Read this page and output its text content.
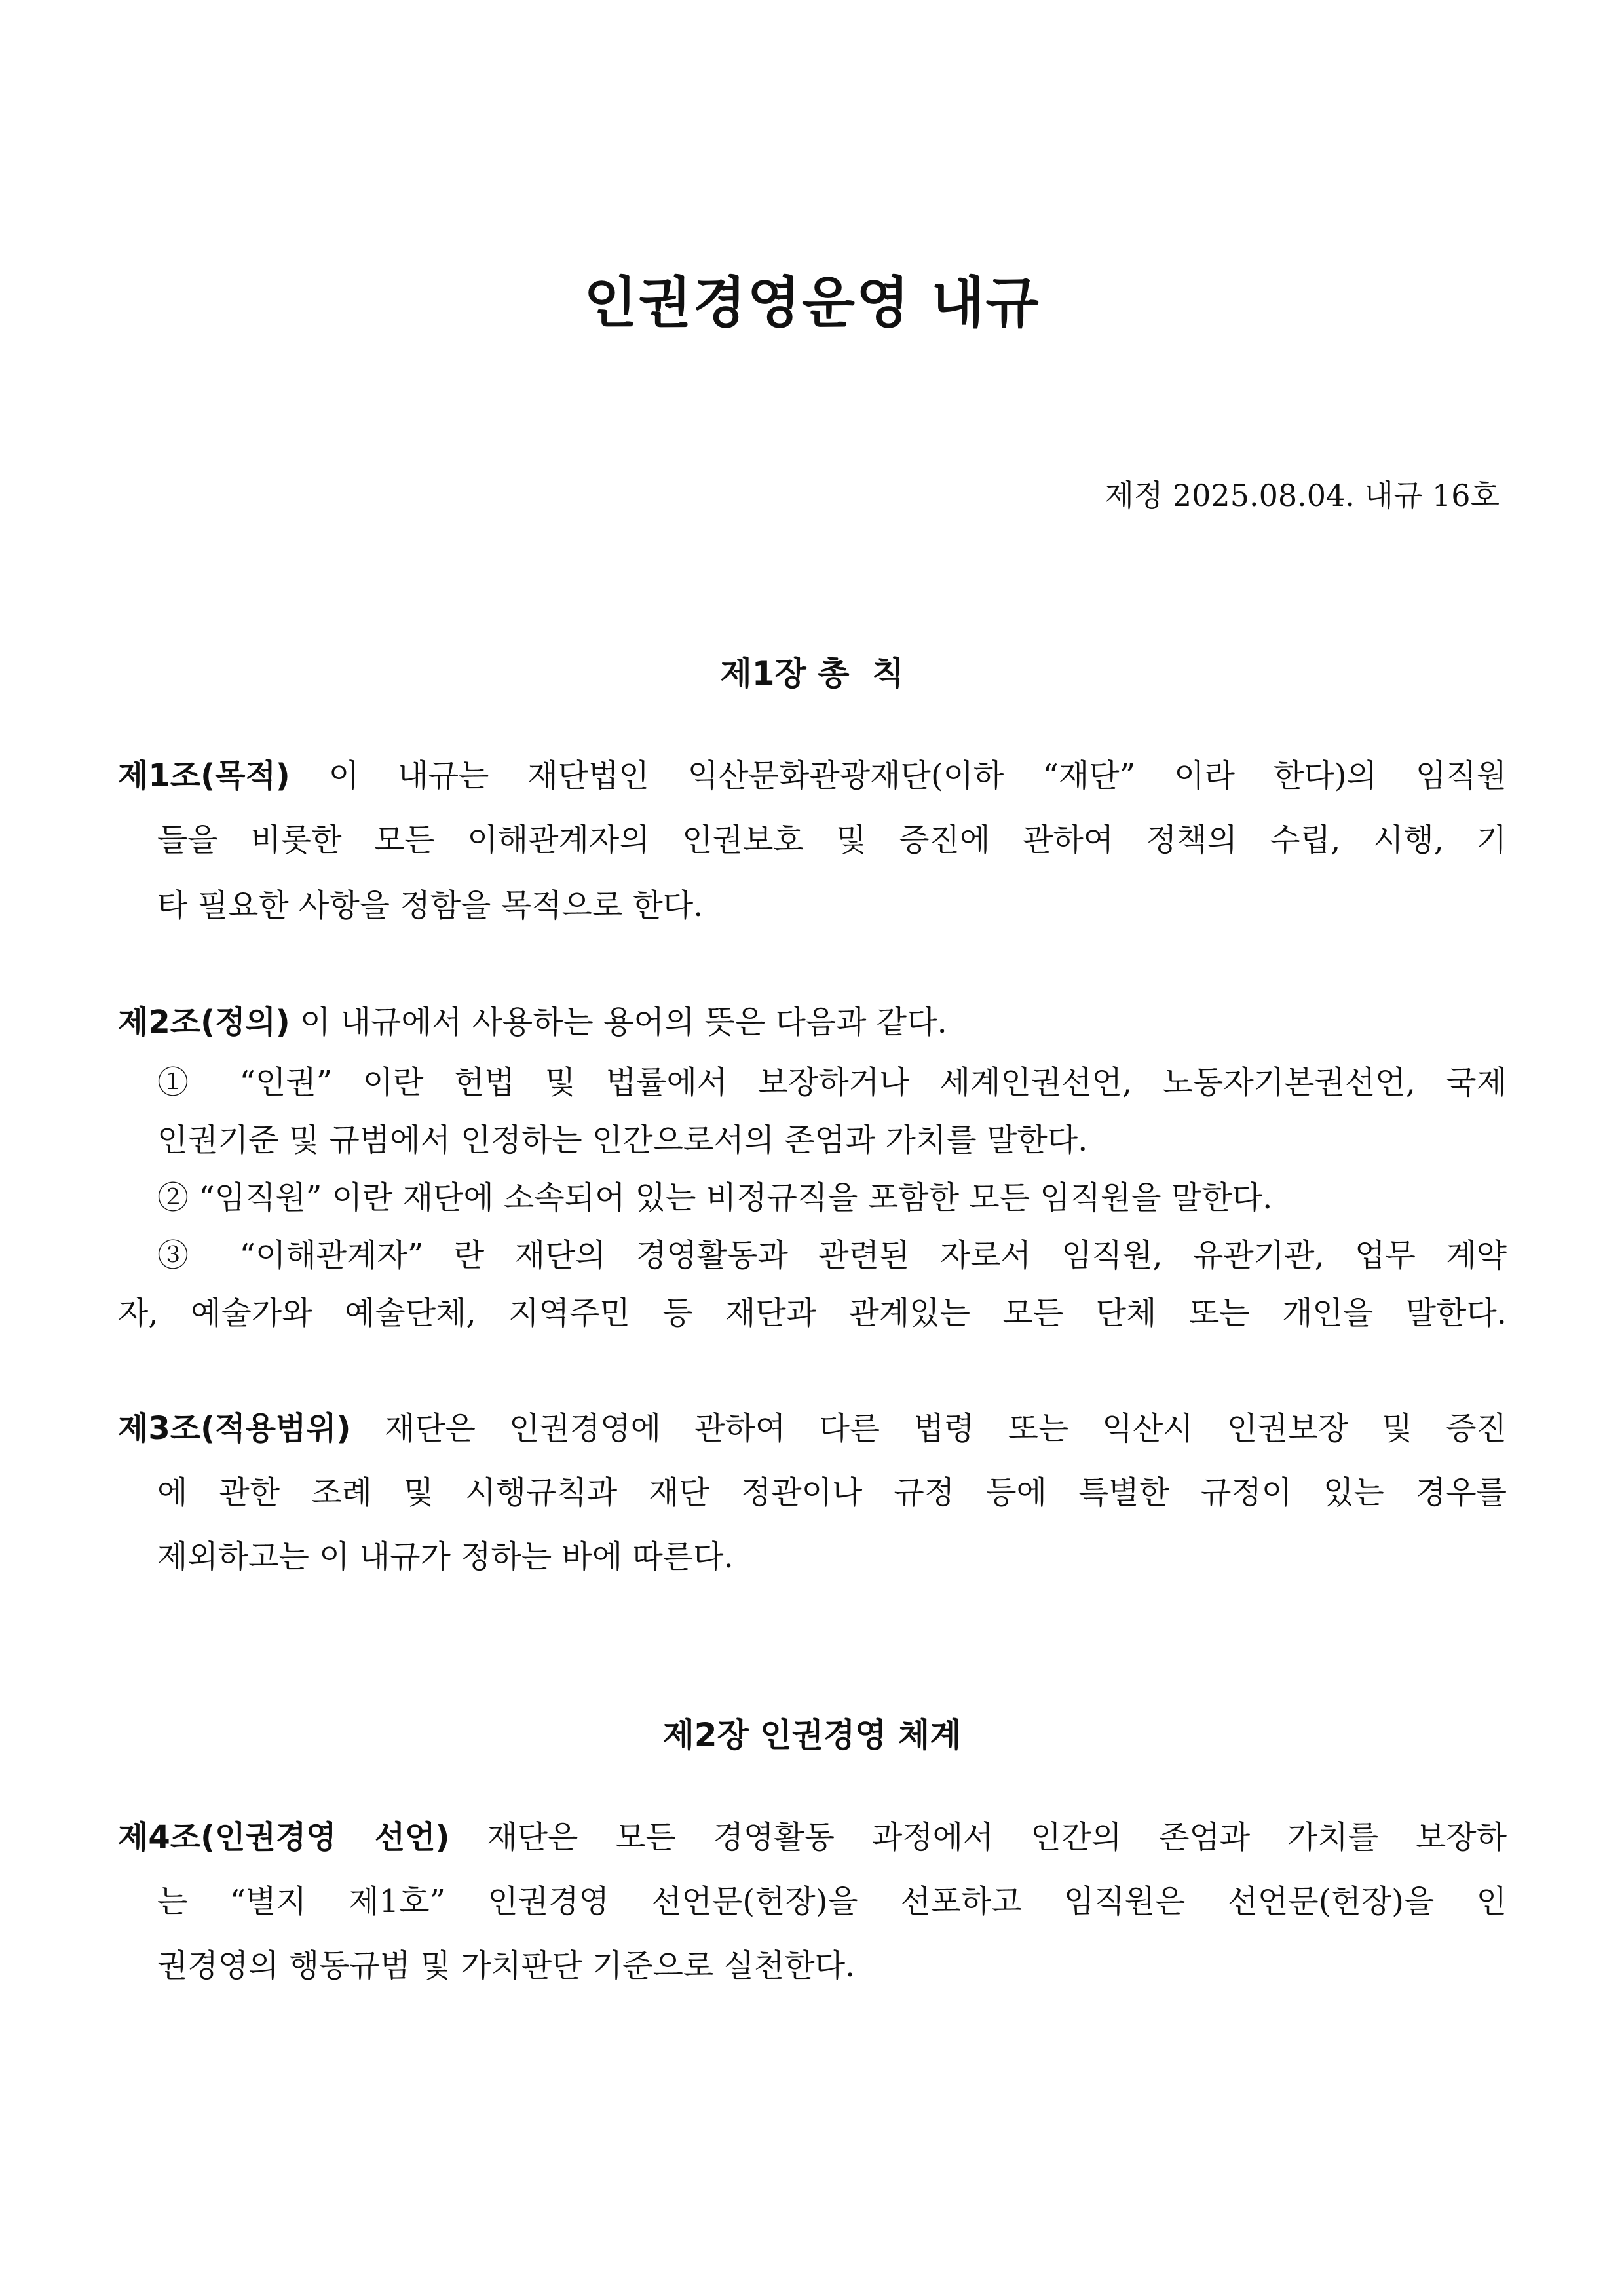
인권경영운영 내규
제정 2025.08.04. 내규 16호
제1장 총  칙
제1조(목적) 이 내규는 재단법인 익산문화관광재단(이하 “재단” 이라 한다)의 임직원
들을 비롯한 모든 이해관계자의 인권보호 및 증진에 관하여 정책의 수립, 시행, 기
타 필요한 사항을 정함을 목적으로 한다.
제2조(정의) 이 내규에서 사용하는 용어의 뜻은 다음과 같다.
① “인권” 이란 헌법 및 법률에서 보장하거나 세계인권선언, 노동자기본권선언, 국제
인권기준 및 규범에서 인정하는 인간으로서의 존엄과 가치를 말한다.
② “임직원” 이란 재단에 소속되어 있는 비정규직을 포함한 모든 임직원을 말한다.
③ “이해관계자” 란 재단의 경영활동과 관련된 자로서 임직원, 유관기관, 업무 계약
자, 예술가와 예술단체, 지역주민 등 재단과 관계있는 모든 단체 또는 개인을 말한다.
제3조(적용범위) 재단은 인권경영에 관하여 다른 법령 또는 익산시 인권보장 및 증진
에 관한 조례 및 시행규칙과 재단 정관이나 규정 등에 특별한 규정이 있는 경우를
제외하고는 이 내규가 정하는 바에 따른다.
제2장 인권경영 체계
제4조(인권경영 선언) 재단은 모든 경영활동 과정에서 인간의 존엄과 가치를 보장하
는 “별지 제1호” 인권경영 선언문(헌장)을 선포하고 임직원은 선언문(헌장)을 인
권경영의 행동규범 및 가치판단 기준으로 실천한다.
